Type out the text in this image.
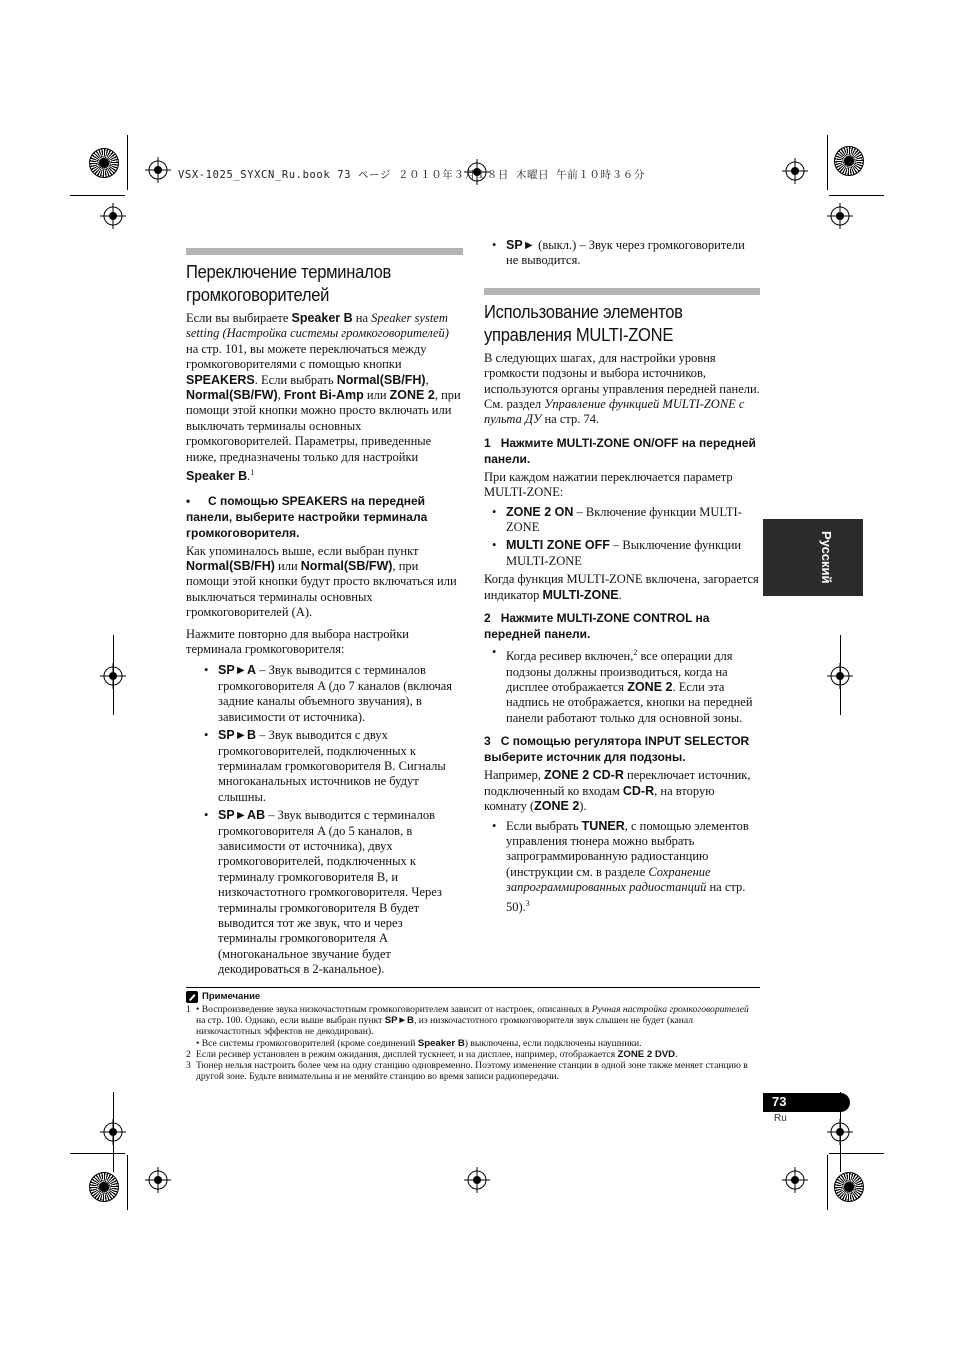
VSX-1025_SYXCN_Ru.book 73 ページ ２０１０年３月１８日 木曜日 午前１０時３６分
Переключение терминалов громкоговорителей

Если вы выбираете Speaker B на Speaker system setting (Настройка системы громкоговорителей) на стр. 101, вы можете переключаться между громкоговорителями с помощью кнопки SPEAKERS. Если выбрать Normal(SB/FH), Normal(SB/FW), Front Bi-Amp или ZONE 2, при помощи этой кнопки можно просто включать или выключать терминалы основных громкоговорителей. Параметры, приведенные ниже, предназначены только для настройки Speaker B.$^1$

• С помощью SPEAKERS на передней панели, выберите настройки терминала громкоговорителя.

Как упоминалось выше, если выбран пункт Normal(SB/FH) или Normal(SB/FW), при помощи этой кнопки будут просто включаться или выключаться терминалы основных громкоговорителей (A).

Нажмите повторно для выбора настройки терминала громкоговорителя:

• SP►A – Звук выводится с терминалов громкоговорителя A (до 7 каналов (включая задние каналы объемного звучания), в зависимости от источника).
• SP►B – Звук выводится с двух громкоговорителей, подключенных к терминалам громкоговорителя B. Сигналы многоканальных источников не будут слышны.
• SP►AB – Звук выводится с терминалов громкоговорителя A (до 5 каналов, в зависимости от источника), двух громкоговорителей, подключенных к терминалу громкоговорителя B, и низкочастотного громкоговорителя. Через терминалы громкоговорителя B будет выводится тот же звук, что и через терминалы громкоговорителя A (многоканальное звучание будет декодироваться в 2-канальное).
• SP► (выкл.) – Звук через громкоговорители не выводится.
Использование элементов управления MULTI-ZONE

В следующих шагах, для настройки уровня громкости подзоны и выбора источников, используются органы управления передней панели. См. раздел Управление функцией MULTI-ZONE с пульта ДУ на стр. 74.

1 Нажмите MULTI-ZONE ON/OFF на передней панели.

При каждом нажатии переключается параметр MULTI-ZONE:

• ZONE 2 ON – Включение функции MULTI-ZONE
• MULTI ZONE OFF – Выключение функции MULTI-ZONE

Когда функция MULTI-ZONE включена, загорается индикатор MULTI-ZONE.

2 Нажмите MULTI-ZONE CONTROL на передней панели.
• Когда ресивер включен,$^2$ все операции для подзоны должны производиться, когда на дисплее отображается ZONE 2. Если эта надпись не отображается, кнопки на передней панели работают только для основной зоны.
3 С помощью регулятора INPUT SELECTOR выберите источник для подзоны.

Например, ZONE 2 CD-R переключает источник, подключенный ко входам CD-R, на вторую комнату (ZONE 2).

• Если выбрать TUNER, с помощью элементов управления тюнера можно выбрать запрограммированную радиостанцию (инструкции см. в разделе Сохранение запрограммированных радиостанций на стр. 50).$^3$
Русский
Примечание
1 • Воспроизведение звука низкочастотным громкоговорителем зависит от настроек, описанных в Ручная настройка громкоговорителей на стр. 100. Однако, если выше выбран пункт SP►B, из низкочастотного громкоговорителя звук слышен не будет (канал низкочастотных эффектов не декодирован).
• Все системы громкоговорителей (кроме соединений Speaker B) выключены, если подключены наушники.
2 Если ресивер установлен в режим ожидания, дисплей тускнеет, и на дисплее, например, отображается ZONE 2 DVD.
3 Тюнер нельзя настроить более чем на одну станцию одновременно. Поэтому изменение станции в одной зоне также меняет станцию в другой зоне. Будьте внимательны и не меняйте станцию во время записи радиопередачи.
73
Ru
